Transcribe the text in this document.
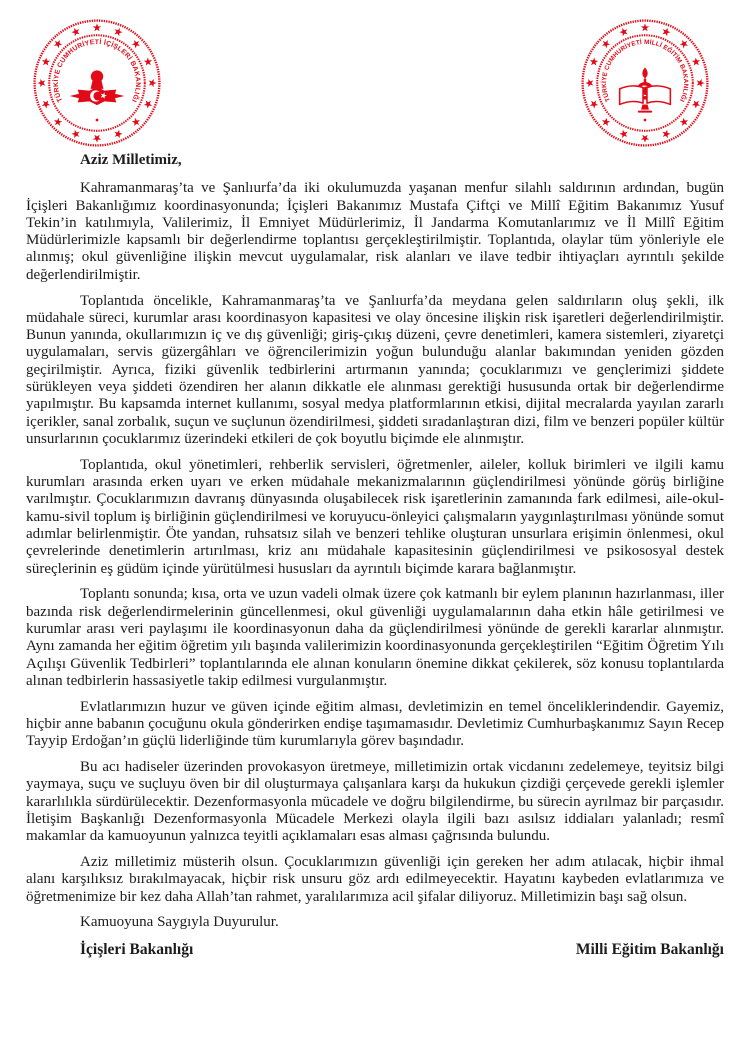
TÜRKİYE CUMHURİYETİ İÇİŞLERİ BAKANLIĞI	TÜRKİYE CUMHURİYETİ MİLLİ EĞİTİM BAKANLIĞI

Aziz Milletimiz,

Kahramanmaraş’ta ve Şanlıurfa’da iki okulumuzda yaşanan menfur silahlı saldırının ardından, bugün İçişleri Bakanlığımız koordinasyonunda; İçişleri Bakanımız Mustafa Çiftçi ve Millî Eğitim Bakanımız Yusuf Tekin’in katılımıyla, Valilerimiz, İl Emniyet Müdürlerimiz, İl Jandarma Komutanlarımız ve İl Millî Eğitim Müdürlerimizle kapsamlı bir değerlendirme toplantısı gerçekleştirilmiştir. Toplantıda, olaylar tüm yönleriyle ele alınmış; okul güvenliğine ilişkin mevcut uygulamalar, risk alanları ve ilave tedbir ihtiyaçları ayrıntılı şekilde değerlendirilmiştir.

Toplantıda öncelikle, Kahramanmaraş’ta ve Şanlıurfa’da meydana gelen saldırıların oluş şekli, ilk müdahale süreci, kurumlar arası koordinasyon kapasitesi ve olay öncesine ilişkin risk işaretleri değerlendirilmiştir. Bunun yanında, okullarımızın iç ve dış güvenliği; giriş-çıkış düzeni, çevre denetimleri, kamera sistemleri, ziyaretçi uygulamaları, servis güzergâhları ve öğrencilerimizin yoğun bulunduğu alanlar bakımından yeniden gözden geçirilmiştir. Ayrıca, fiziki güvenlik tedbirlerini artırmanın yanında; çocuklarımızı ve gençlerimizi şiddete sürükleyen veya şiddeti özendiren her alanın dikkatle ele alınması gerektiği hususunda ortak bir değerlendirme yapılmıştır. Bu kapsamda internet kullanımı, sosyal medya platformlarının etkisi, dijital mecralarda yayılan zararlı içerikler, sanal zorbalık, suçun ve suçlunun özendirilmesi, şiddeti sıradanlaştıran dizi, film ve benzeri popüler kültür unsurlarının çocuklarımız üzerindeki etkileri de çok boyutlu biçimde ele alınmıştır.

Toplantıda, okul yönetimleri, rehberlik servisleri, öğretmenler, aileler, kolluk birimleri ve ilgili kamu kurumları arasında erken uyarı ve erken müdahale mekanizmalarının güçlendirilmesi yönünde görüş birliğine varılmıştır. Çocuklarımızın davranış dünyasında oluşabilecek risk işaretlerinin zamanında fark edilmesi, aile-okul-kamu-sivil toplum iş birliğinin güçlendirilmesi ve koruyucu-önleyici çalışmaların yaygınlaştırılması yönünde somut adımlar belirlenmiştir. Öte yandan, ruhsatsız silah ve benzeri tehlike oluşturan unsurlara erişimin önlenmesi, okul çevrelerinde denetimlerin artırılması, kriz anı müdahale kapasitesinin güçlendirilmesi ve psikososyal destek süreçlerinin eş güdüm içinde yürütülmesi hususları da ayrıntılı biçimde karara bağlanmıştır.

Toplantı sonunda; kısa, orta ve uzun vadeli olmak üzere çok katmanlı bir eylem planının hazırlanması, iller bazında risk değerlendirmelerinin güncellenmesi, okul güvenliği uygulamalarının daha etkin hâle getirilmesi ve kurumlar arası veri paylaşımı ile koordinasyonun daha da güçlendirilmesi yönünde de gerekli kararlar alınmıştır. Aynı zamanda her eğitim öğretim yılı başında valilerimizin koordinasyonunda gerçekleştirilen “Eğitim Öğretim Yılı Açılışı Güvenlik Tedbirleri” toplantılarında ele alınan konuların önemine dikkat çekilerek, söz konusu toplantılarda alınan tedbirlerin hassasiyetle takip edilmesi vurgulanmıştır.

Evlatlarımızın huzur ve güven içinde eğitim alması, devletimizin en temel önceliklerindendir. Gayemiz, hiçbir anne babanın çocuğunu okula gönderirken endişe taşımamasıdır. Devletimiz Cumhurbaşkanımız Sayın Recep Tayyip Erdoğan’ın güçlü liderliğinde tüm kurumlarıyla görev başındadır.

Bu acı hadiseler üzerinden provokasyon üretmeye, milletimizin ortak vicdanını zedelemeye, teyitsiz bilgi yaymaya, suçu ve suçluyu öven bir dil oluşturmaya çalışanlara karşı da hukukun çizdiği çerçevede gerekli işlemler kararlılıkla sürdürülecektir. Dezenformasyonla mücadele ve doğru bilgilendirme, bu sürecin ayrılmaz bir parçasıdır. İletişim Başkanlığı Dezenformasyonla Mücadele Merkezi olayla ilgili bazı asılsız iddiaları yalanladı; resmî makamlar da kamuoyunun yalnızca teyitli açıklamaları esas alması çağrısında bulundu.

Aziz milletimiz müsterih olsun. Çocuklarımızın güvenliği için gereken her adım atılacak, hiçbir ihmal alanı karşılıksız bırakılmayacak, hiçbir risk unsuru göz ardı edilmeyecektir. Hayatını kaybeden evlatlarımıza ve öğretmenimize bir kez daha Allah’tan rahmet, yaralılarımıza acil şifalar diliyoruz. Milletimizin başı sağ olsun.

Kamuoyuna Saygıyla Duyurulur.

İçişleri Bakanlığı	Milli Eğitim Bakanlığı
